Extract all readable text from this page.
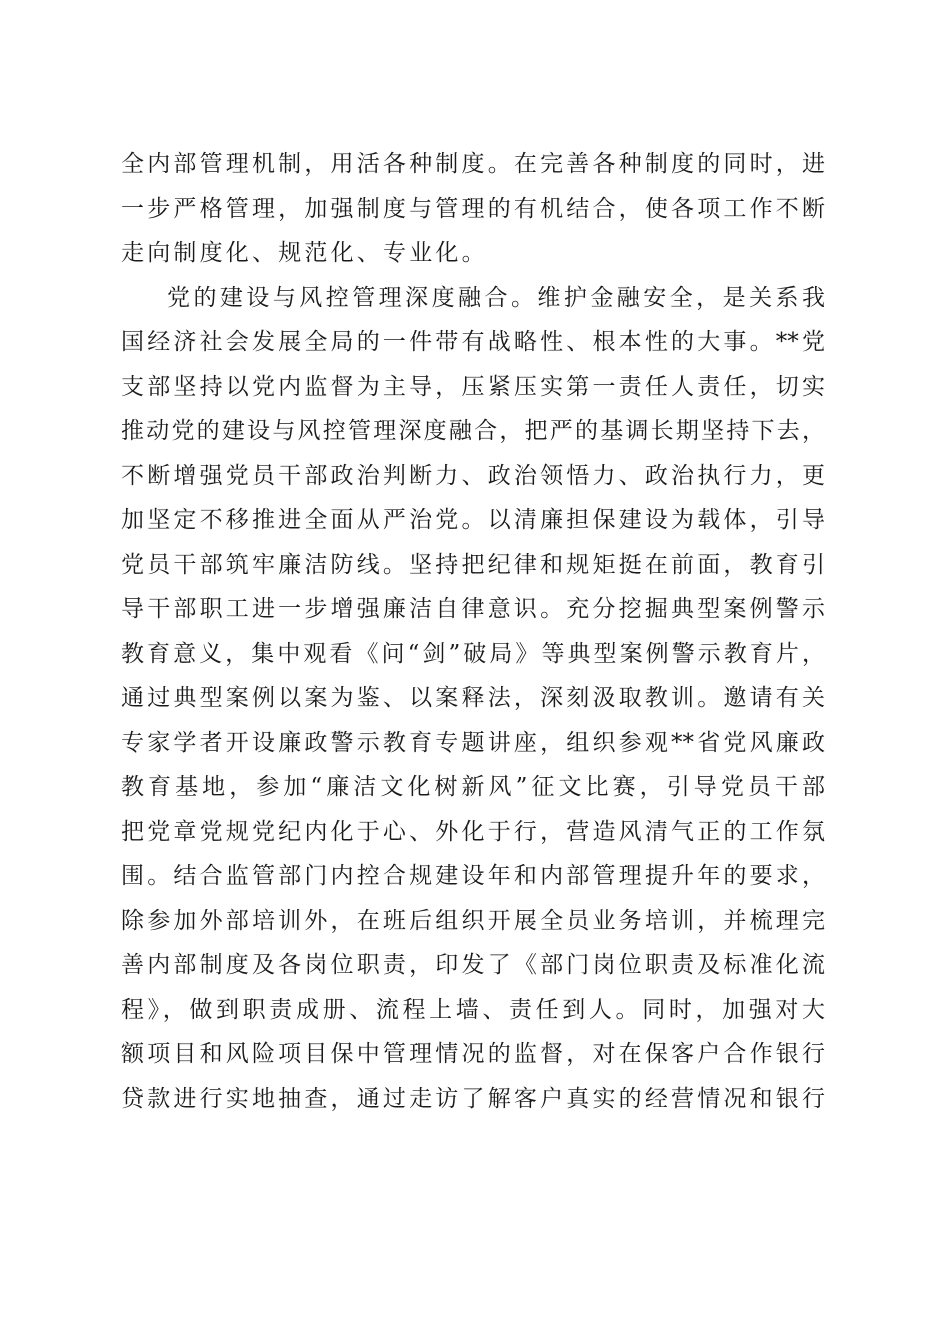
全内部管理机制，用活各种制度。在完善各种制度的同时，进
一步严格管理，加强制度与管理的有机结合，使各项工作不断
走向制度化、规范化、专业化。
党的建设与风控管理深度融合。维护金融安全，是关系我
国经济社会发展全局的一件带有战略性、根本性的大事。**党
支部坚持以党内监督为主导，压紧压实第一责任人责任，切实
推动党的建设与风控管理深度融合，把严的基调长期坚持下去，
不断增强党员干部政治判断力、政治领悟力、政治执行力，更
加坚定不移推进全面从严治党。以清廉担保建设为载体，引导
党员干部筑牢廉洁防线。坚持把纪律和规矩挺在前面，教育引
导干部职工进一步增强廉洁自律意识。充分挖掘典型案例警示
教育意义，集中观看《问“剑”破局》等典型案例警示教育片，
通过典型案例以案为鉴、以案释法，深刻汲取教训。邀请有关
专家学者开设廉政警示教育专题讲座，组织参观**省党风廉政
教育基地，参加“廉洁文化树新风”征文比赛，引导党员干部
把党章党规党纪内化于心、外化于行，营造风清气正的工作氛
围。结合监管部门内控合规建设年和内部管理提升年的要求，
除参加外部培训外，在班后组织开展全员业务培训，并梳理完
善内部制度及各岗位职责，印发了《部门岗位职责及标准化流
程》，做到职责成册、流程上墙、责任到人。同时，加强对大
额项目和风险项目保中管理情况的监督，对在保客户合作银行
贷款进行实地抽查，通过走访了解客户真实的经营情况和银行
